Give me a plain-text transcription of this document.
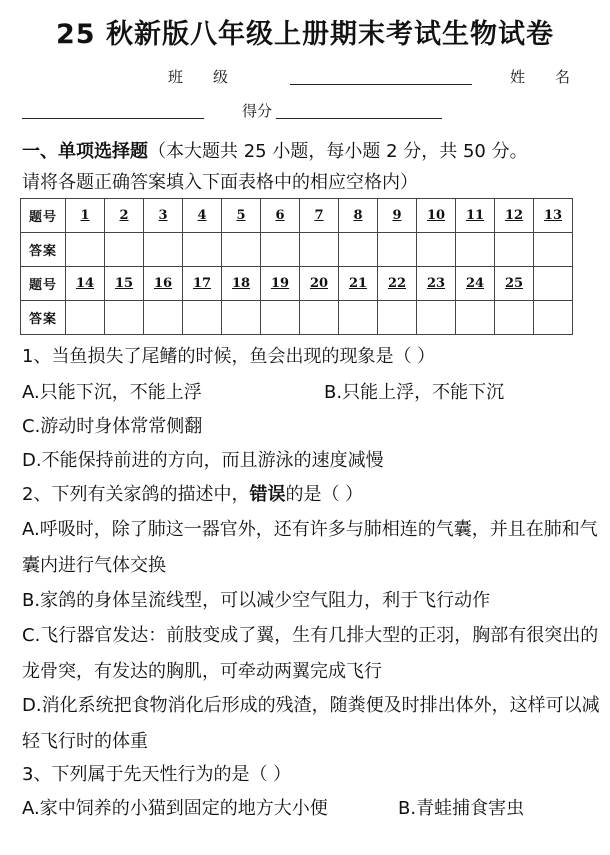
25 秋新版八年级上册期末考试生物试卷
班　　级	姓　　名
得分
一、单项选择题（本大题共 25 小题，每小题 2 分，共 50 分。
请将各题正确答案填入下面表格中的相应空格内）
题号	1	2	3	4	5	6	7	8	9	10	11	12	13
答案													
题号	14	15	16	17	18	19	20	21	22	23	24	25	
答案													
1、当鱼损失了尾鳍的时候，鱼会出现的现象是（ ）
A.只能下沉，不能上浮	B.只能上浮，不能下沉
C.游动时身体常常侧翻
D.不能保持前进的方向，而且游泳的速度减慢
2、下列有关家鸽的描述中，错误的是（ ）
A.呼吸时，除了肺这一器官外，还有许多与肺相连的气囊，并且在肺和气囊内进行气体交换
B.家鸽的身体呈流线型，可以减少空气阻力，利于飞行动作
C.飞行器官发达：前肢变成了翼，生有几排大型的正羽，胸部有很突出的龙骨突，有发达的胸肌，可牵动两翼完成飞行
D.消化系统把食物消化后形成的残渣，随粪便及时排出体外，这样可以减轻飞行时的体重
3、下列属于先天性行为的是（ ）
A.家中饲养的小猫到固定的地方大小便	B.青蛙捕食害虫
